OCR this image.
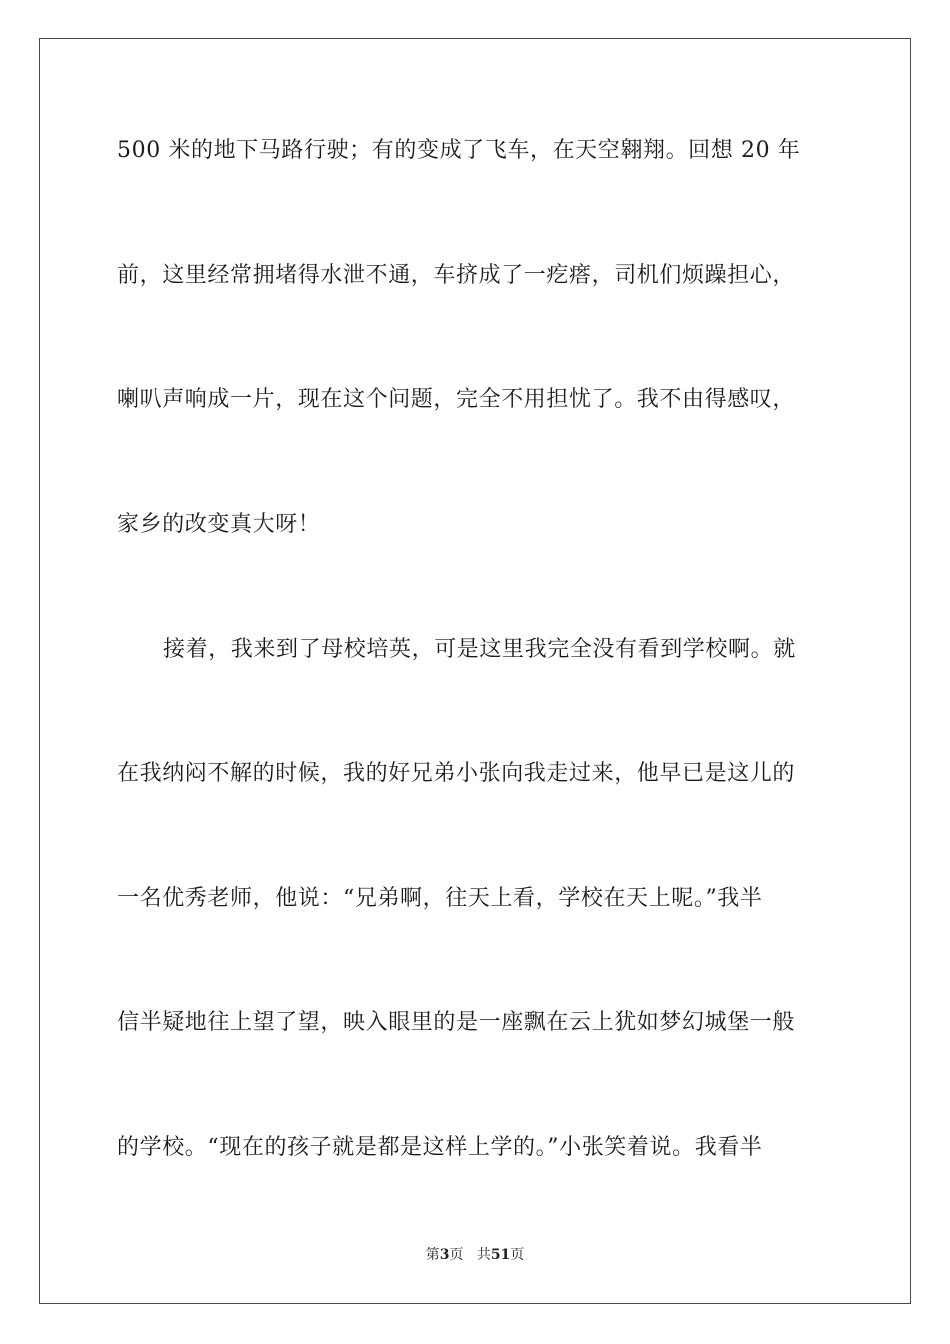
500 米的地下马路行驶；有的变成了飞车，在天空翱翔。回想 20 年
前，这里经常拥堵得水泄不通，车挤成了一疙瘩，司机们烦躁担心，
喇叭声响成一片，现在这个问题，完全不用担忧了。我不由得感叹，
家乡的改变真大呀！
接着，我来到了母校培英，可是这里我完全没有看到学校啊。就
在我纳闷不解的时候，我的好兄弟小张向我走过来，他早已是这儿的
一名优秀老师，他说：“兄弟啊，往天上看，学校在天上呢。”我半
信半疑地往上望了望，映入眼里的是一座飘在云上犹如梦幻城堡一般
的学校。“现在的孩子就是都是这样上学的。”小张笑着说。我看半
第3页 共51页
